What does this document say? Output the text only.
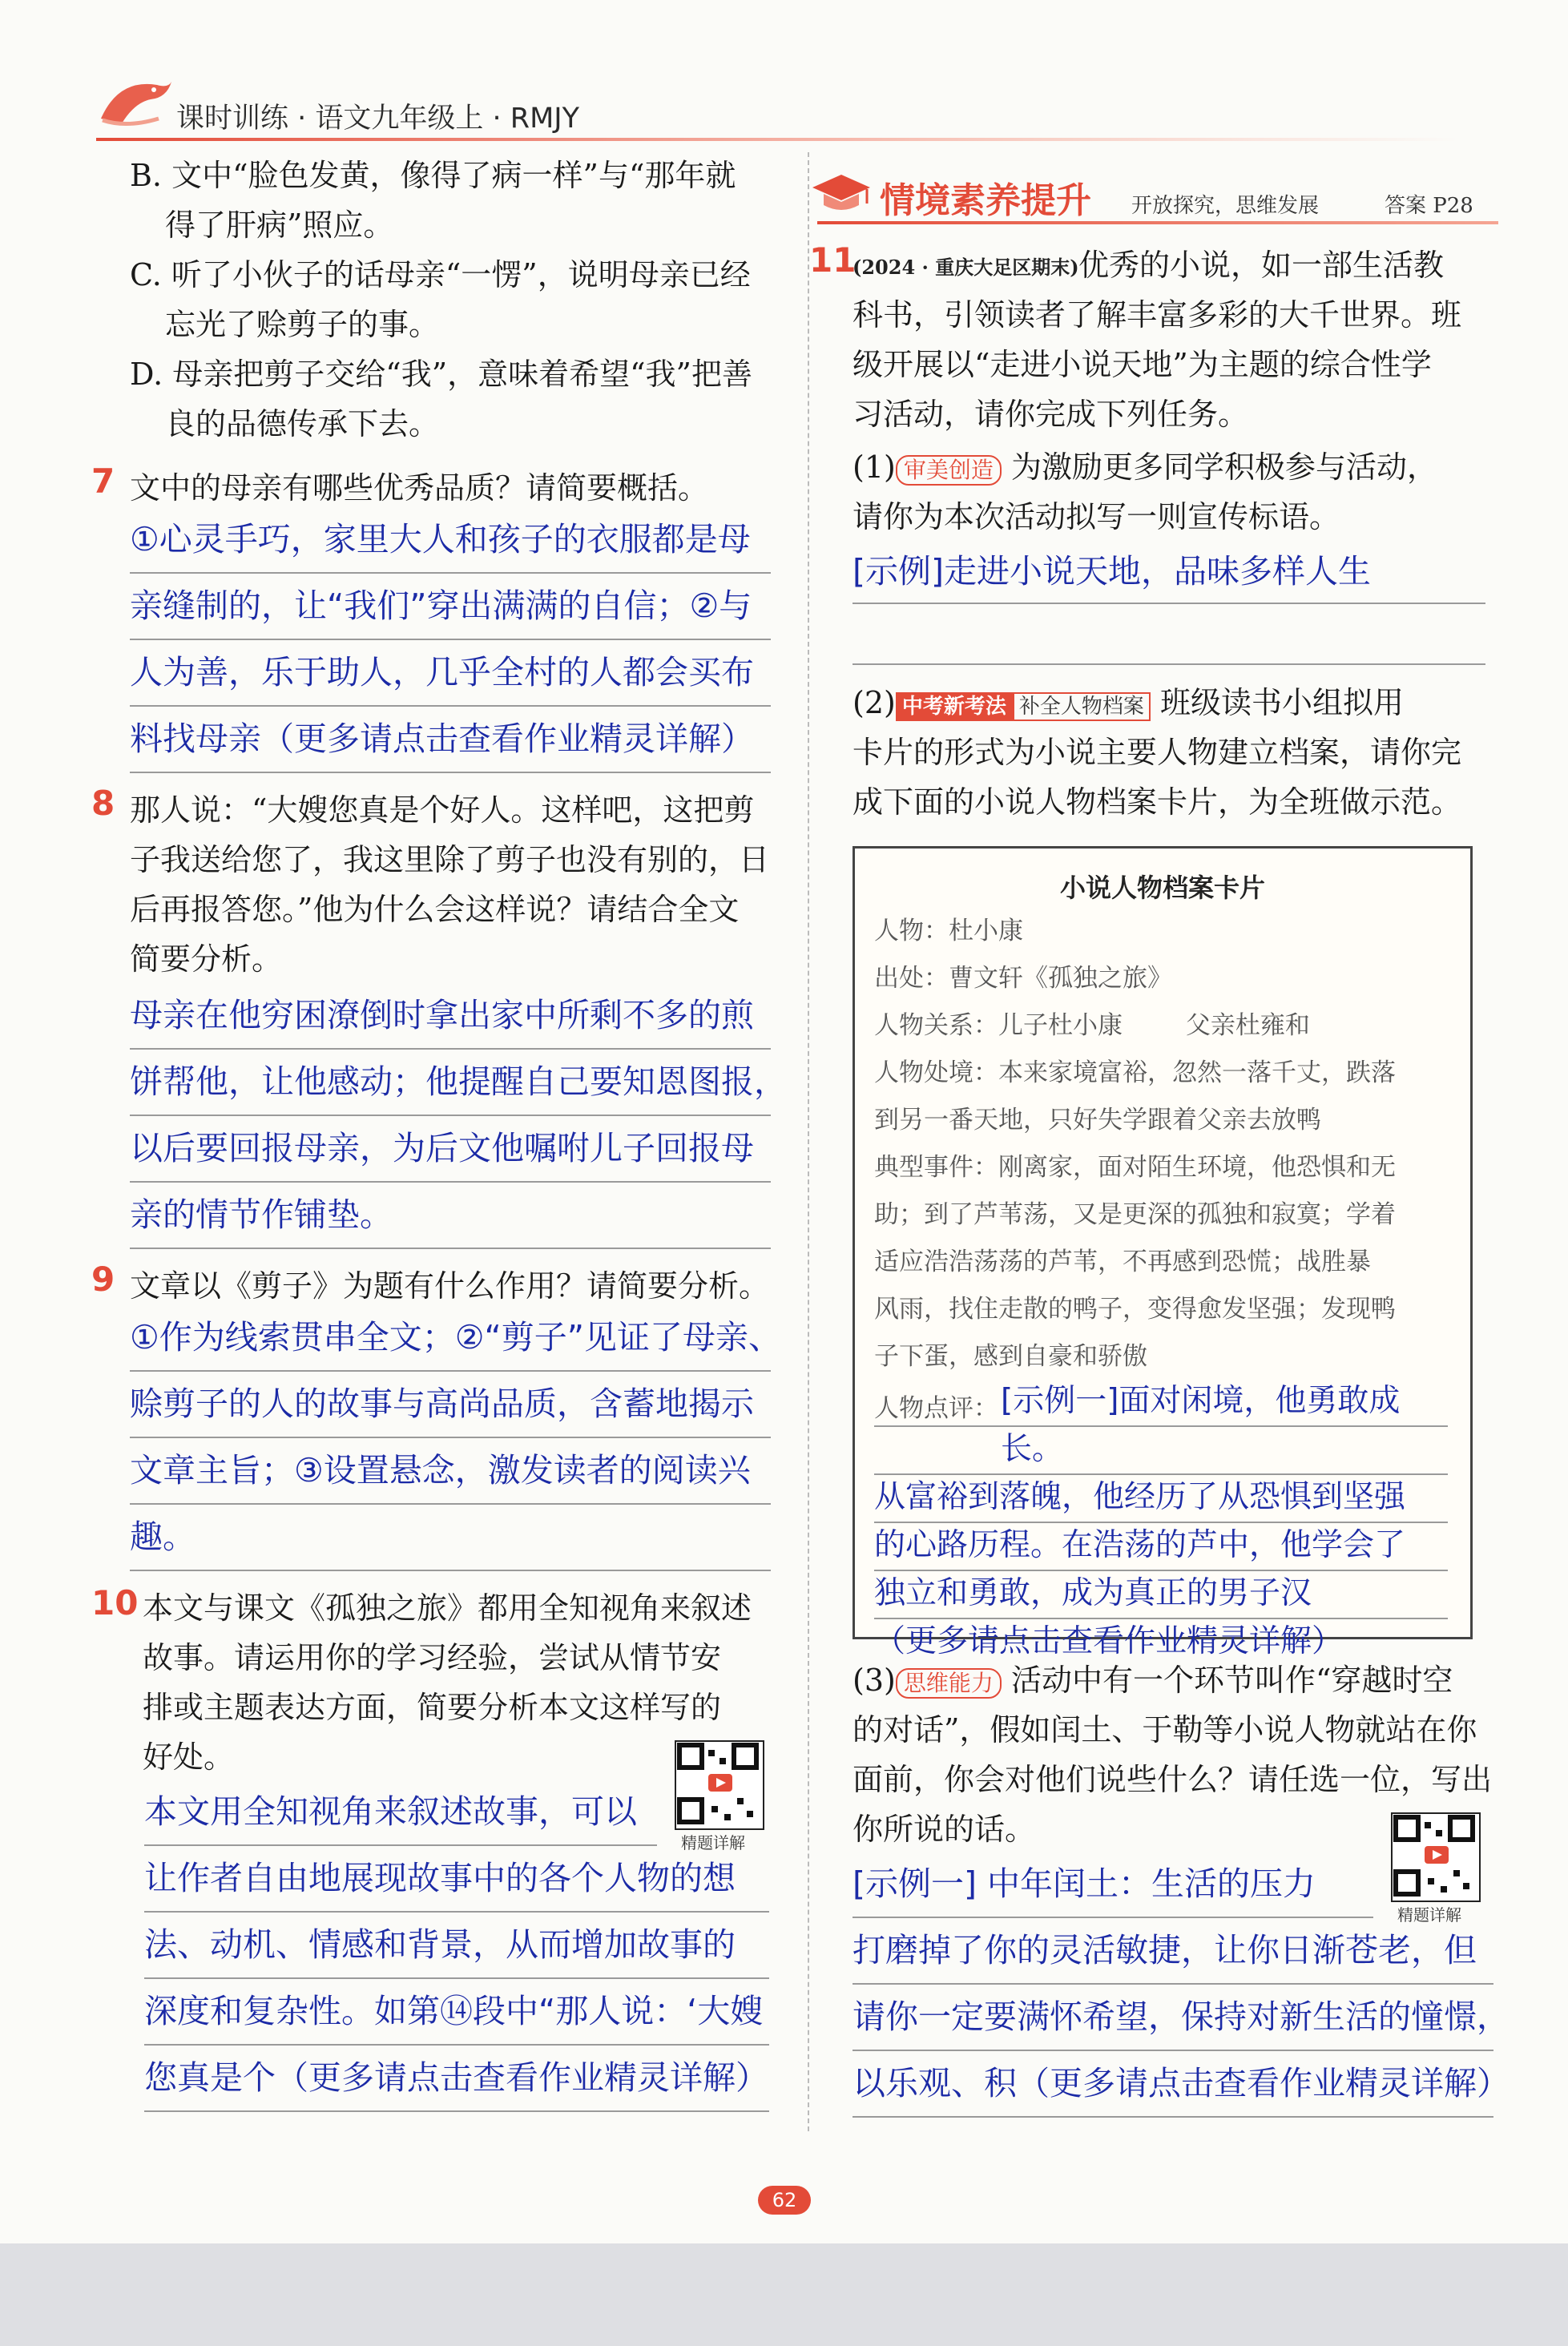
课时训练 · 语文九年级上 · RMJY
B. 文中“脸色发黄，像得了病一样”与“那年就
得了肝病”照应。
C. 听了小伙子的话母亲“一愣”，说明母亲已经
忘光了赊剪子的事。
D. 母亲把剪子交给“我”，意味着希望“我”把善
良的品德传承下去。
7 文中的母亲有哪些优秀品质？请简要概括。
①心灵手巧，家里大人和孩子的衣服都是母
亲缝制的，让“我们”穿出满满的自信；②与
人为善，乐于助人，几乎全村的人都会买布
料找母亲（更多请点击查看作业精灵详解）
8 那人说：“大嫂您真是个好人。这样吧，这把剪
子我送给您了，我这里除了剪子也没有别的，日
后再报答您。”他为什么会这样说？请结合全文
简要分析。
母亲在他穷困潦倒时拿出家中所剩不多的煎
饼帮他，让他感动；他提醒自己要知恩图报，
以后要回报母亲，为后文他嘱咐儿子回报母
亲的情节作铺垫。
9 文章以《剪子》为题有什么作用？请简要分析。
①作为线索贯串全文；②“剪子”见证了母亲、
赊剪子的人的故事与高尚品质，含蓄地揭示
文章主旨；③设置悬念，激发读者的阅读兴
趣。
10 本文与课文《孤独之旅》都用全知视角来叙述
故事。请运用你的学习经验，尝试从情节安
排或主题表达方面，简要分析本文这样写的
好处。
精题详解
本文用全知视角来叙述故事，可以
让作者自由地展现故事中的各个人物的想
法、动机、情感和背景，从而增加故事的
深度和复杂性。如第⑭段中“那人说：‘大嫂
您真是个（更多请点击查看作业精灵详解）
情境素养提升 开放探究，思维发展	答案 P28
11
(2024 · 重庆大足区期末) 优秀的小说，如一部生活教
科书，引领读者了解丰富多彩的大千世界。班
级开展以“走进小说天地”为主题的综合性学
习活动，请你完成下列任务。
(1) 审美创造 为激励更多同学积极参与活动，
请你为本次活动拟写一则宣传标语。
[示例]走进小说天地，品味多样人生
(2) 中考新考法 补全人物档案 班级读书小组拟用
卡片的形式为小说主要人物建立档案，请你完
成下面的小说人物档案卡片，为全班做示范。
小说人物档案卡片
人物：杜小康
出处：曹文轩《孤独之旅》
人物关系：儿子杜小康        父亲杜雍和
人物处境：本来家境富裕，忽然一落千丈，跌落
到另一番天地，只好失学跟着父亲去放鸭
典型事件：刚离家，面对陌生环境，他恐惧和无
助；到了芦苇荡，又是更深的孤独和寂寞；学着
适应浩浩荡荡的芦苇，不再感到恐慌；战胜暴
风雨，找住走散的鸭子，变得愈发坚强；发现鸭
子下蛋，感到自豪和骄傲
人物点评： [示例一]面对闲境，他勇敢成长。
从富裕到落魄，他经历了从恐惧到坚强
的心路历程。在浩荡的芦中，他学会了
独立和勇敢，成为真正的男子汉
（更多请点击查看作业精灵详解）
(3) 思维能力 活动中有一个环节叫作“穿越时空
的对话”，假如闰土、于勒等小说人物就站在你
面前，你会对他们说些什么？请任选一位，写出
你所说的话。
精题详解
[示例一] 中年闰土：生活的压力
打磨掉了你的灵活敏捷，让你日渐苍老，但
请你一定要满怀希望，保持对新生活的憧憬，
以乐观、积（更多请点击查看作业精灵详解）
62
